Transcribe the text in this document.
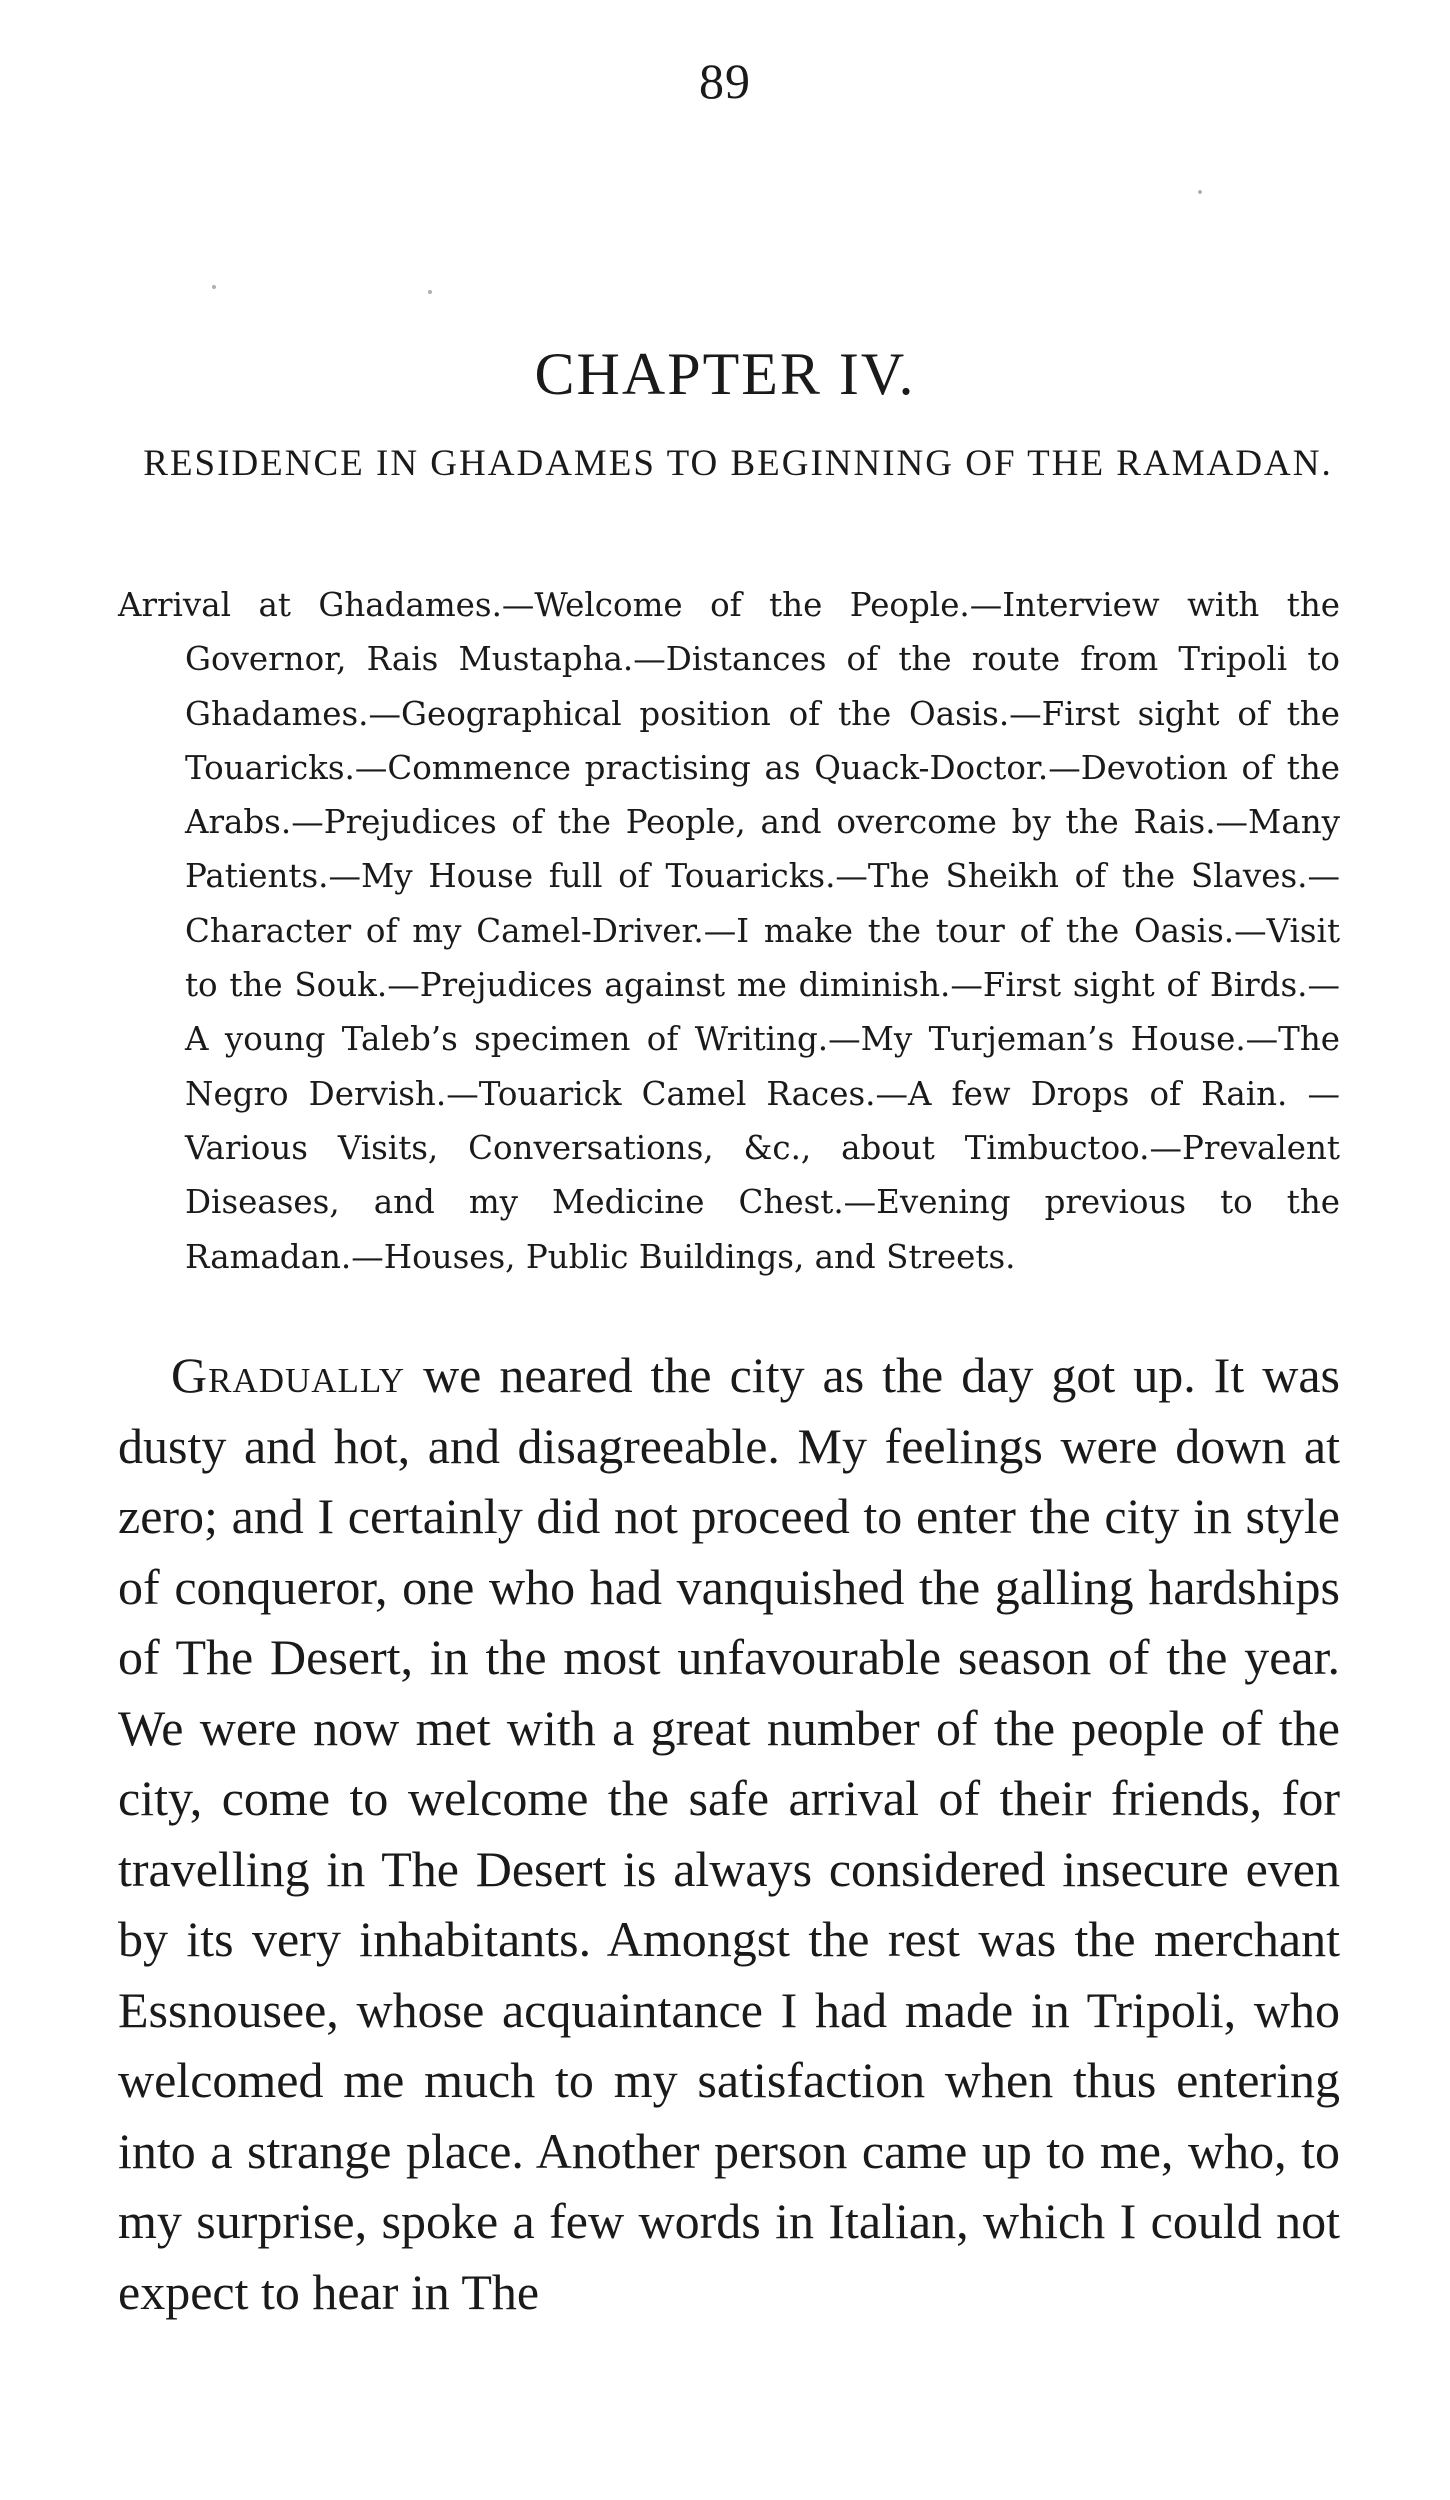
89
CHAPTER IV.
RESIDENCE IN GHADAMES TO BEGINNING OF THE RAMADAN.
Arrival at Ghadames.—Welcome of the People.—Interview with the Governor, Rais Mustapha.—Distances of the route from Tripoli to Ghadames.—Geographical position of the Oasis.—First sight of the Touaricks.—Commence practising as Quack-Doctor.—Devotion of the Arabs.—Prejudices of the People, and overcome by the Rais.—Many Patients.—My House full of Touaricks.—The Sheikh of the Slaves.—Character of my Camel-Driver.—I make the tour of the Oasis.—Visit to the Souk.—Prejudices against me diminish.—First sight of Birds.—A young Taleb’s specimen of Writing.—My Turjeman’s House.—The Negro Dervish.—Touarick Camel Races.—A few Drops of Rain. —Various Visits, Conversations, &c., about Timbuctoo.—Prevalent Diseases, and my Medicine Chest.—Evening previous to the Ramadan.—Houses, Public Buildings, and Streets.
Gradually we neared the city as the day got up. It was dusty and hot, and disagreeable. My feelings were down at zero; and I certainly did not proceed to enter the city in style of conqueror, one who had vanquished the galling hardships of The Desert, in the most unfavourable season of the year. We were now met with a great number of the people of the city, come to welcome the safe arrival of their friends, for travelling in The Desert is always considered insecure even by its very inhabitants. Amongst the rest was the merchant Essnousee, whose acquaintance I had made in Tripoli, who welcomed me much to my satisfaction when thus entering into a strange place. Another person came up to me, who, to my surprise, spoke a few words in Italian, which I could not expect to hear in The
